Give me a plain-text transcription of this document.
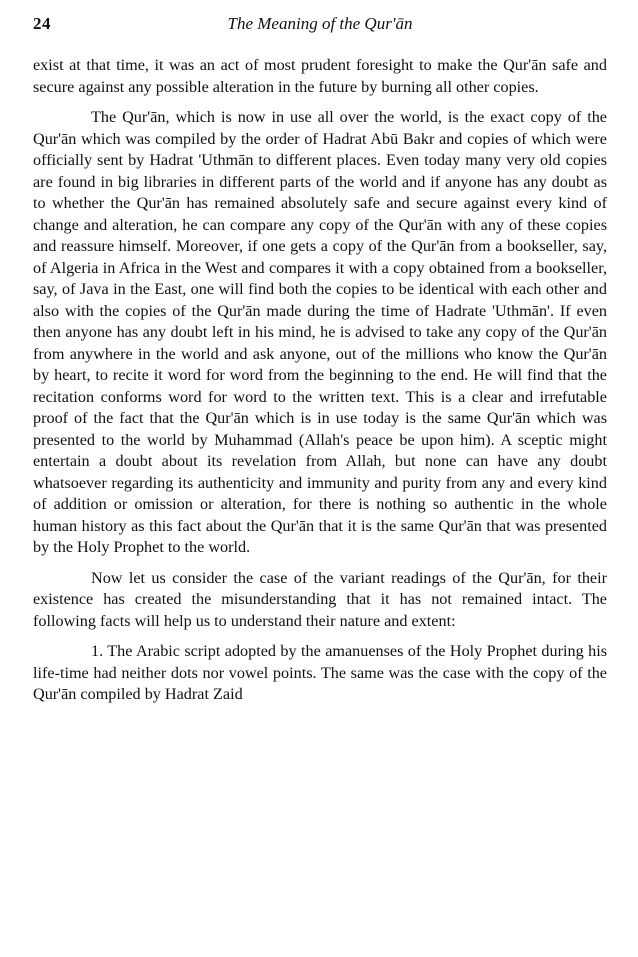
24	The Meaning of the Qur'ān

exist at that time, it was an act of most prudent foresight to make the Qur'ān safe and secure against any possible alteration in the future by burning all other copies.

The Qur'ān, which is now in use all over the world, is the exact copy of the Qur'ān which was compiled by the order of Hadrat Abū Bakr and copies of which were officially sent by Hadrat 'Uthmān to different places. Even today many very old copies are found in big libraries in different parts of the world and if anyone has any doubt as to whether the Qur'ān has remained absolutely safe and secure against every kind of change and alteration, he can compare any copy of the Qur'ān with any of these copies and reassure himself. Moreover, if one gets a copy of the Qur'ān from a bookseller, say, of Algeria in Africa in the West and compares it with a copy obtained from a bookseller, say, of Java in the East, one will find both the copies to be identical with each other and also with the copies of the Qur'ān made during the time of Hadrate 'Uthmān'. If even then anyone has any doubt left in his mind, he is advised to take any copy of the Qur'ān from anywhere in the world and ask anyone, out of the millions who know the Qur'ān by heart, to recite it word for word from the beginning to the end. He will find that the recitation conforms word for word to the written text. This is a clear and irrefutable proof of the fact that the Qur'ān which is in use today is the same Qur'ān which was presented to the world by Muhammad (Allah's peace be upon him). A sceptic might entertain a doubt about its revelation from Allah, but none can have any doubt whatsoever regarding its authenticity and immunity and purity from any and every kind of addition or omission or alteration, for there is nothing so authentic in the whole human history as this fact about the Qur'ān that it is the same Qur'ān that was presented by the Holy Prophet to the world.

Now let us consider the case of the variant readings of the Qur'ān, for their existence has created the misunderstanding that it has not remained intact. The following facts will help us to understand their nature and extent:

1. The Arabic script adopted by the amanuenses of the Holy Prophet during his life-time had neither dots nor vowel points. The same was the case with the copy of the Qur'ān compiled by Hadrat Zaid
